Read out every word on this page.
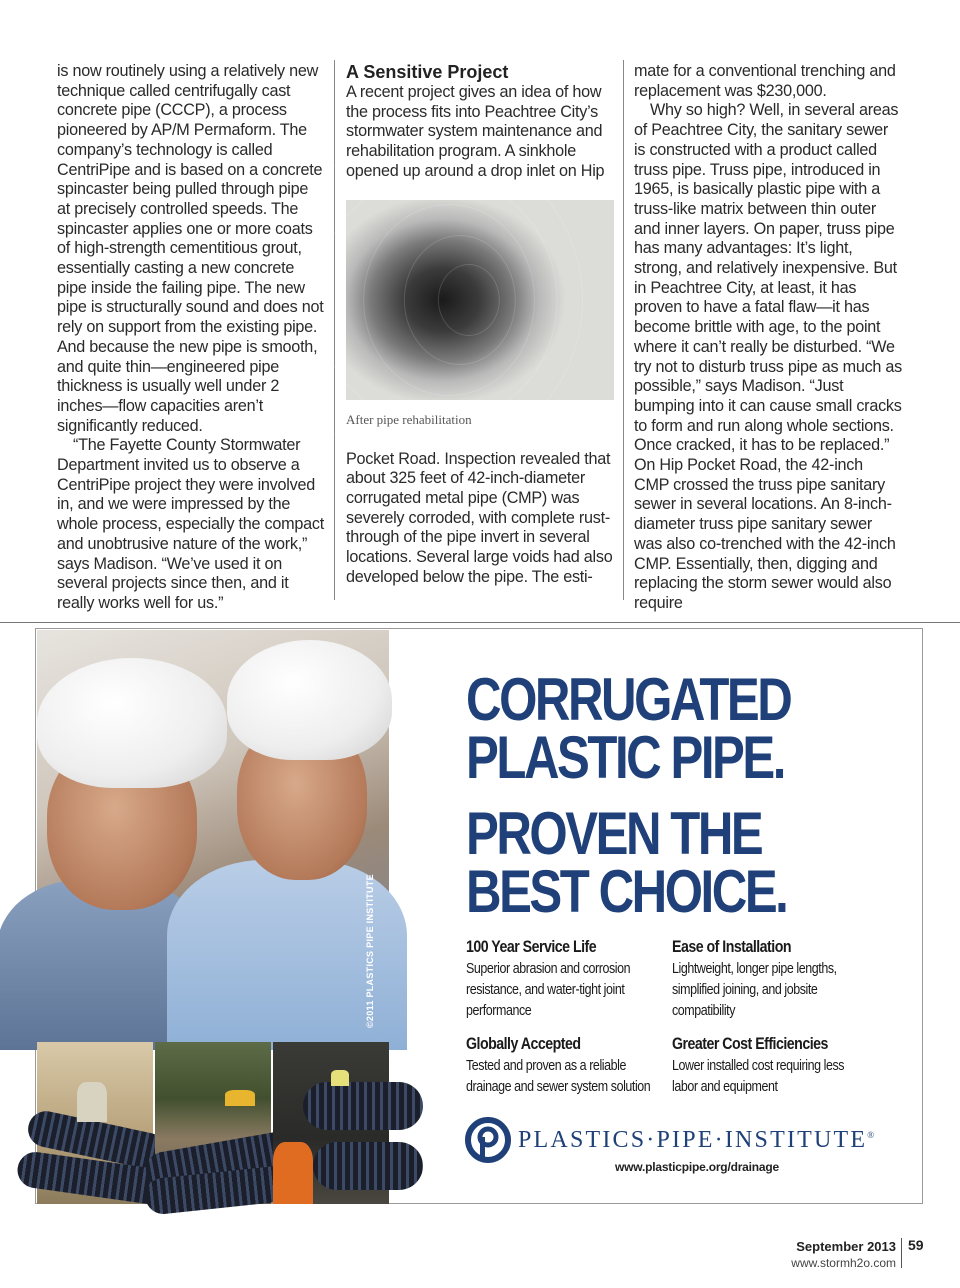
is now routinely using a relatively new technique called centrifugally cast concrete pipe (CCCP), a process pioneered by AP/M Permaform. The company’s technology is called CentriPipe and is based on a concrete spincaster being pulled through pipe at precisely controlled speeds. The spincaster applies one or more coats of high-strength cementitious grout, essentially casting a new concrete pipe inside the failing pipe. The new pipe is structurally sound and does not rely on support from the existing pipe. And because the new pipe is smooth, and quite thin—engineered pipe thickness is usually well under 2 inches—flow capacities aren’t significantly reduced.

“The Fayette County Stormwater Department invited us to observe a CentriPipe project they were involved in, and we were impressed by the whole process, especially the compact and unobtrusive nature of the work,” says Madison. “We’ve used it on several projects since then, and it really works well for us.”

A Sensitive Project

A recent project gives an idea of how the process fits into Peachtree City’s stormwater system maintenance and rehabilitation program. A sinkhole opened up around a drop inlet on Hip

After pipe rehabilitation

Pocket Road. Inspection revealed that about 325 feet of 42-inch-diameter corrugated metal pipe (CMP) was severely corroded, with complete rust-through of the pipe invert in several locations. Several large voids had also developed below the pipe. The esti-

mate for a conventional trenching and replacement was $230,000.

Why so high? Well, in several areas of Peachtree City, the sanitary sewer is constructed with a product called truss pipe. Truss pipe, introduced in 1965, is basically plastic pipe with a truss-like matrix between thin outer and inner layers. On paper, truss pipe has many advantages: It’s light, strong, and relatively inexpensive. But in Peachtree City, at least, it has proven to have a fatal flaw—it has become brittle with age, to the point where it can’t really be disturbed. “We try not to disturb truss pipe as much as possible,” says Madison. “Just bumping into it can cause small cracks to form and run along whole sections. Once cracked, it has to be replaced.” On Hip Pocket Road, the 42-inch CMP crossed the truss pipe sanitary sewer in several locations. An 8-inch-diameter truss pipe sanitary sewer was also co-trenched with the 42-inch CMP. Essentially, then, digging and replacing the storm sewer would also require

©2011 PLASTICS PIPE INSTITUTE
CORRUGATED
PLASTIC PIPE.
PROVEN THE
BEST CHOICE.
100 Year Service Life
Superior abrasion and corrosion resistance, and water-tight joint performance
Ease of Installation
Lightweight, longer pipe lengths, simplified joining, and jobsite compatibility
Globally Accepted
Tested and proven as a reliable drainage and sewer system solution
Greater Cost Efficiencies
Lower installed cost requiring less labor and equipment
PLASTICS·PIPE·INSTITUTE®
www.plasticpipe.org/drainage
September 2013 59
www.stormh2o.com
